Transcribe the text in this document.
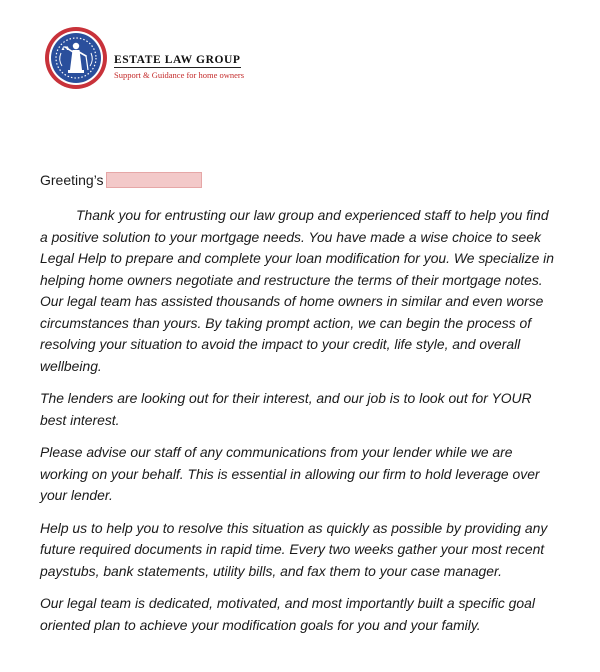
ESTATE LAW GROUP
Support & Guidance for home owners
Greeting’s

Thank you for entrusting our law group and experienced staff to help you find a positive solution to your mortgage needs. You have made a wise choice to seek Legal Help to prepare and complete your loan modification for you. We specialize in helping home owners negotiate and restructure the terms of their mortgage notes. Our legal team has assisted thousands of home owners in similar and even worse circumstances than yours. By taking prompt action, we can begin the process of resolving your situation to avoid the impact to your credit, life style, and overall wellbeing.

The lenders are looking out for their interest, and our job is to look out for YOUR best interest.

Please advise our staff of any communications from your lender while we are working on your behalf. This is essential in allowing our firm to hold leverage over your lender.

Help us to help you to resolve this situation as quickly as possible by providing any future required documents in rapid time. Every two weeks gather your most recent paystubs, bank statements, utility bills, and fax them to your case manager.

Our legal team is dedicated, motivated, and most importantly built a specific goal oriented plan to achieve your modification goals for you and your family.
